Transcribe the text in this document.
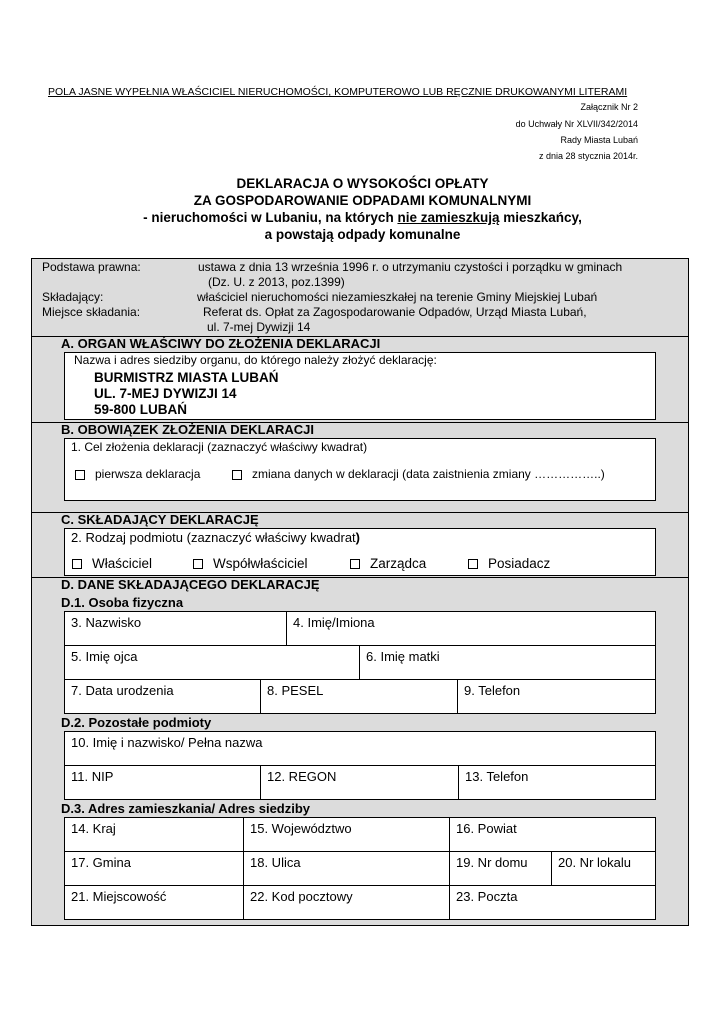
POLA JASNE WYPEŁNIA WŁAŚCICIEL NIERUCHOMOŚCI, KOMPUTEROWO LUB RĘCZNIE DRUKOWANYMI LITERAMI
Załącznik Nr 2
do Uchwały Nr XLVII/342/2014
Rady Miasta Lubań
z dnia 28 stycznia 2014r.
DEKLARACJA O WYSOKOŚCI OPŁATY
ZA GOSPODAROWANIE ODPADAMI KOMUNALNYMI
- nieruchomości w Lubaniu, na których nie zamieszkują mieszkańcy,
a powstają odpady komunalne
Podstawa prawna:	ustawa z dnia 13 września 1996 r. o utrzymaniu czystości i porządku w gminach
(Dz. U. z 2013, poz.1399)
Składający:	właściciel nieruchomości niezamieszkałej na terenie Gminy Miejskiej Lubań
Miejsce składania:	Referat ds. Opłat za Zagospodarowanie Odpadów, Urząd Miasta Lubań,
ul. 7-mej Dywizji 14
A. ORGAN WŁAŚCIWY DO ZŁOŻENIA DEKLARACJI
Nazwa i adres siedziby organu, do którego należy złożyć deklarację:
BURMISTRZ MIASTA LUBAŃ
UL. 7-MEJ DYWIZJI 14
59-800 LUBAŃ
B. OBOWIĄZEK ZŁOŻENIA DEKLARACJI
1. Cel złożenia deklaracji (zaznaczyć właściwy kwadrat)
pierwsza deklaracja	zmiana danych w deklaracji (data zaistnienia zmiany ……………..)
C. SKŁADAJĄCY DEKLARACJĘ
2. Rodzaj podmiotu (zaznaczyć właściwy kwadrat)
Właściciel	Współwłaściciel	Zarządca	Posiadacz
D. DANE SKŁADAJĄCEGO DEKLARACJĘ
D.1. Osoba fizyczna
3. Nazwisko	4. Imię/Imiona
5. Imię ojca	6. Imię matki
7. Data urodzenia	8. PESEL	9. Telefon
D.2. Pozostałe podmioty
10. Imię i nazwisko/ Pełna nazwa
11. NIP	12. REGON	13. Telefon
D.3. Adres zamieszkania/ Adres siedziby
14. Kraj	15. Województwo	16. Powiat
17. Gmina	18. Ulica	19. Nr domu	20. Nr lokalu
21. Miejscowość	22. Kod pocztowy	23. Poczta
